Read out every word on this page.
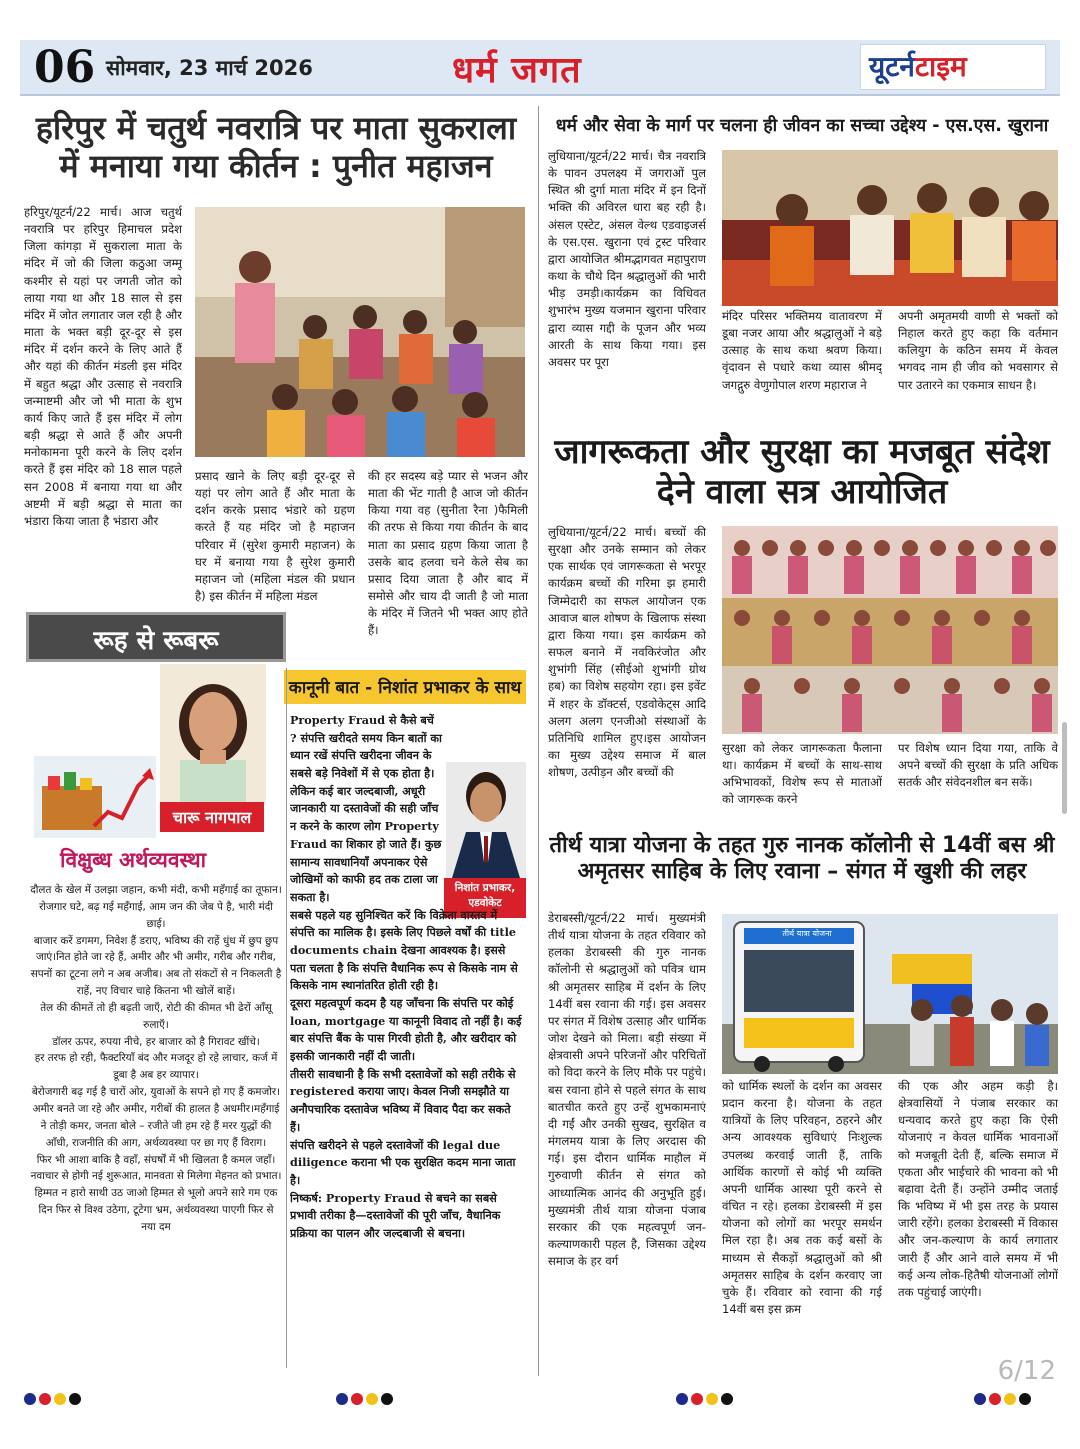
06 सोमवार, 23 मार्च 2026	धर्म जगत	यूटर्नटाइम
हरिपुर में चतुर्थ नवरात्रि पर माता सुकराला में मनाया गया कीर्तन : पुनीत महाजन
हरिपुर/यूटर्न/22 मार्च। आज चतुर्थ नवरात्रि पर हरिपुर हिमाचल प्रदेश जिला कांगड़ा में सुकराला माता के मंदिर में जो की जिला कठुआ जम्मू कश्मीर से यहां पर जगती जोत को लाया गया था और 18 साल से इस मंदिर में जोत लगातार जल रही है और माता के भक्त बड़ी दूर-दूर से इस मंदिर में दर्शन करने के लिए आते हैं और यहां की कीर्तन मंडली इस मंदिर में बहुत श्रद्धा और उत्साह से नवरात्रि जन्माष्टमी और जो भी माता के शुभ कार्य किए जाते हैं इस मंदिर में लोग बड़ी श्रद्धा से आते हैं और अपनी मनोकामना पूरी करने के लिए दर्शन करते हैं इस मंदिर को 18 साल पहले सन 2008 में बनाया गया था और अष्टमी में बड़ी श्रद्धा से माता का भंडारा किया जाता है भंडारा और
प्रसाद खाने के लिए बड़ी दूर-दूर से यहां पर लोग आते हैं और माता के दर्शन करके प्रसाद भंडारे को ग्रहण करते हैं यह मंदिर जो है महाजन परिवार में (सुरेश कुमारी महाजन) के घर में बनाया गया है सुरेश कुमारी महाजन जो (महिला मंडल की प्रधान है) इस कीर्तन में महिला मंडल
की हर सदस्य बड़े प्यार से भजन और माता की भेंट गाती है आज जो कीर्तन किया गया वह (सुनीता रैना )फैमिली की तरफ से किया गया कीर्तन के बाद माता का प्रसाद ग्रहण किया जाता है उसके बाद हलवा चने केले सेब का प्रसाद दिया जाता है और बाद में समोसे और चाय दी जाती है जो माता के मंदिर में जितने भी भक्त आए होते हैं।
धर्म और सेवा के मार्ग पर चलना ही जीवन का सच्चा उद्देश्य - एस.एस. खुराना
लुधियाना/यूटर्न/22 मार्च। चैत्र नवरात्रि के पावन उपलक्ष्य में जगराओं पुल स्थित श्री दुर्गा माता मंदिर में इन दिनों भक्ति की अविरल धारा बह रही है। अंसल एस्टेट, अंसल वेल्थ एडवाइजर्स के एस.एस. खुराना एवं ट्रस्ट परिवार द्वारा आयोजित श्रीमद्भागवत महापुराण कथा के चौथे दिन श्रद्धालुओं की भारी भीड़ उमड़ी।कार्यक्रम का विधिवत शुभारंभ मुख्य यजमान खुराना परिवार द्वारा व्यास गद्दी के पूजन और भव्य आरती के साथ किया गया। इस अवसर पर पूरा
मंदिर परिसर भक्तिमय वातावरण में डूबा नजर आया और श्रद्धालुओं ने बड़े उत्साह के साथ कथा श्रवण किया। वृंदावन से पधारे कथा व्यास श्रीमद् जगद्गुरु वेणुगोपाल शरण महाराज ने
अपनी अमृतमयी वाणी से भक्तों को निहाल करते हुए कहा कि वर्तमान कलियुग के कठिन समय में केवल भगवद नाम ही जीव को भवसागर से पार उतारने का एकमात्र साधन है।
जागरूकता और सुरक्षा का मजबूत संदेश देने वाला सत्र आयोजित
लुधियाना/यूटर्न/22 मार्च। बच्चों की सुरक्षा और उनके सम्मान को लेकर एक सार्थक एवं जागरूकता से भरपूर कार्यक्रम बच्चों की गरिमा झ हमारी जिम्मेदारी का सफल आयोजन एक आवाज बाल शोषण के खिलाफ संस्था द्वारा किया गया। इस कार्यक्रम को सफल बनाने में नवकिरंजोत और शुभांगी सिंह (सीईओ शुभांगी ग्रोथ हब) का विशेष सहयोग रहा। इस इवेंट में शहर के डॉक्टर्स, एडवोकेट्स आदि अलग अलग एनजीओ संस्थाओं के प्रतिनिधि शामिल हुए।इस आयोजन का मुख्य उद्देश्य समाज में बाल शोषण, उत्पीड़न और बच्चों की
सुरक्षा को लेकर जागरूकता फैलाना था। कार्यक्रम में बच्चों के साथ-साथ अभिभावकों, विशेष रूप से माताओं को जागरूक करने
पर विशेष ध्यान दिया गया, ताकि वे अपने बच्चों की सुरक्षा के प्रति अधिक सतर्क और संवेदनशील बन सकें।
तीर्थ यात्रा योजना के तहत गुरु नानक कॉलोनी से 14वीं बस श्री अमृतसर साहिब के लिए रवाना – संगत में खुशी की लहर
डेराबस्सी/यूटर्न/22 मार्च। मुख्यमंत्री तीर्थ यात्रा योजना के तहत रविवार को हलका डेराबस्सी की गुरु नानक कॉलोनी से श्रद्धालुओं को पवित्र धाम श्री अमृतसर साहिब में दर्शन के लिए 14वीं बस रवाना की गई। इस अवसर पर संगत में विशेष उत्साह और धार्मिक जोश देखने को मिला। बड़ी संख्या में क्षेत्रवासी अपने परिजनों और परिचितों को विदा करने के लिए मौके पर पहुंचे। बस रवाना होने से पहले संगत के साथ बातचीत करते हुए उन्हें शुभकामनाएं दी गईं और उनकी सुखद, सुरक्षित व मंगलमय यात्रा के लिए अरदास की गई। इस दौरान धार्मिक माहौल में गुरुवाणी कीर्तन से संगत को आध्यात्मिक आनंद की अनुभूति हुई। मुख्यमंत्री तीर्थ यात्रा योजना पंजाब सरकार की एक महत्वपूर्ण जन-कल्याणकारी पहल है, जिसका उद्देश्य समाज के हर वर्ग
तीर्थ यात्रा योजना
को धार्मिक स्थलों के दर्शन का अवसर प्रदान करना है। योजना के तहत यात्रियों के लिए परिवहन, ठहरने और अन्य आवश्यक सुविधाएं निःशुल्क उपलब्ध करवाई जाती हैं, ताकि आर्थिक कारणों से कोई भी व्यक्ति अपनी धार्मिक आस्था पूरी करने से वंचित न रहे। हलका डेराबस्सी में इस योजना को लोगों का भरपूर समर्थन मिल रहा है। अब तक कई बसों के माध्यम से सैकड़ों श्रद्धालुओं को श्री अमृतसर साहिब के दर्शन करवाए जा चुके हैं। रविवार को रवाना की गई 14वीं बस इस क्रम
की एक और अहम कड़ी है। क्षेत्रवासियों ने पंजाब सरकार का धन्यवाद करते हुए कहा कि ऐसी योजनाएं न केवल धार्मिक भावनाओं को मजबूती देती हैं, बल्कि समाज में एकता और भाईचारे की भावना को भी बढ़ावा देती हैं। उन्होंने उम्मीद जताई कि भविष्य में भी इस तरह के प्रयास जारी रहेंगे। हलका डेराबस्सी में विकास और जन-कल्याण के कार्य लगातार जारी हैं और आने वाले समय में भी कई अन्य लोक-हितैषी योजनाओं लोगों तक पहुंचाई जाएंगी।
रूह से रूबरू
चारू नागपाल
विक्षुब्ध अर्थव्यवस्था

दौलत के खेल में उलझा जहान, कभी मंदी, कभी महँगाई का तूफान।

रोजगार घटे, बढ़ गई महँगाई, आम जन की जेब पे है, भारी मंदी छाई।

बाजार करें डगमग, निवेश हैं डराए, भविष्य की राहें धुंध में छुप छुप जाएं।नित होते जा रहे हैं, अमीर और भी अमीर, गरीब और गरीब, सपनों का टूटना लगे न अब अजीब। अब तो संकटों से न निकलती है राहें, नए विचार चाहे कितना भी खोलें बाहें।

तेल की कीमतें तो ही बढ़ती जाएँ, रोटी की कीमत भी ढेरों आँसू रुलाएँ।

डॉलर ऊपर, रुपया नीचे, हर बाजार को है गिरावट खींचे।

हर तरफ हो रही, फैक्टरियाँ बंद और मजदूर हो रहे लाचार, कर्ज में डूबा है अब हर व्यापार।

बेरोजगारी बढ़ गई है चारों ओर, युवाओं के सपने हो गए हैं कमजोर।

अमीर बनते जा रहे और अमीर, गरीबों की हालत है अधमीर।महँगाई ने तोड़ी कमर, जनता बोले – रजीते जी हम रहे हैं मरर युद्धों की आँधी, राजनीति की आग, अर्थव्यवस्था पर छा गए हैं विराग।

फिर भी आशा बाकि है वहाँ, संघर्षों में भी खिलता है कमल जहाँ। नवाचार से होगी नई शुरूआत, मानवता से मिलेगा मेहनत को प्रभात।

हिम्मत न हारो साथी उठ जाओ हिम्मत से भूलो अपने सारे गम एक दिन फिर से विश्व उठेगा, टूटेगा भ्रम, अर्थव्यवस्था पाएगी फिर से नया दम

कानूनी बात - निशांत प्रभाकर के साथ
निशांत प्रभाकर,
एडवोकेट

Property Fraud से कैसे बचें ? संपत्ति खरीदते समय किन बातों का ध्यान रखें संपत्ति खरीदना जीवन के सबसे बड़े निवेशों में से एक होता है। लेकिन कई बार जल्दबाजी, अधूरी जानकारी या दस्तावेजों की सही जाँच न करने के कारण लोग Property Fraud का शिकार हो जाते हैं। कुछ सामान्य सावधानियाँ अपनाकर ऐसे जोखिमों को काफी हद तक टाला जा सकता है।

सबसे पहले यह सुनिश्चित करें कि विक्रेता वास्तव में संपत्ति का मालिक है। इसके लिए पिछले वर्षों की title documents chain देखना आवश्यक है। इससे पता चलता है कि संपत्ति वैधानिक रूप से किसके नाम से किसके नाम स्थानांतरित होती रही है।

दूसरा महत्वपूर्ण कदम है यह जाँचना कि संपत्ति पर कोई loan, mortgage या कानूनी विवाद तो नहीं है। कई बार संपत्ति बैंक के पास गिरवी होती है, और खरीदार को इसकी जानकारी नहीं दी जाती।

तीसरी सावधानी है कि सभी दस्तावेजों को सही तरीके से registered कराया जाए। केवल निजी समझौते या अनौपचारिक दस्तावेज भविष्य में विवाद पैदा कर सकते हैं।

संपत्ति खरीदने से पहले दस्तावेजों की legal due diligence कराना भी एक सुरक्षित कदम माना जाता है।

निष्कर्ष: Property Fraud से बचने का सबसे प्रभावी तरीका है—दस्तावेजों की पूरी जाँच, वैधानिक प्रक्रिया का पालन और जल्दबाजी से बचना।

6/12
